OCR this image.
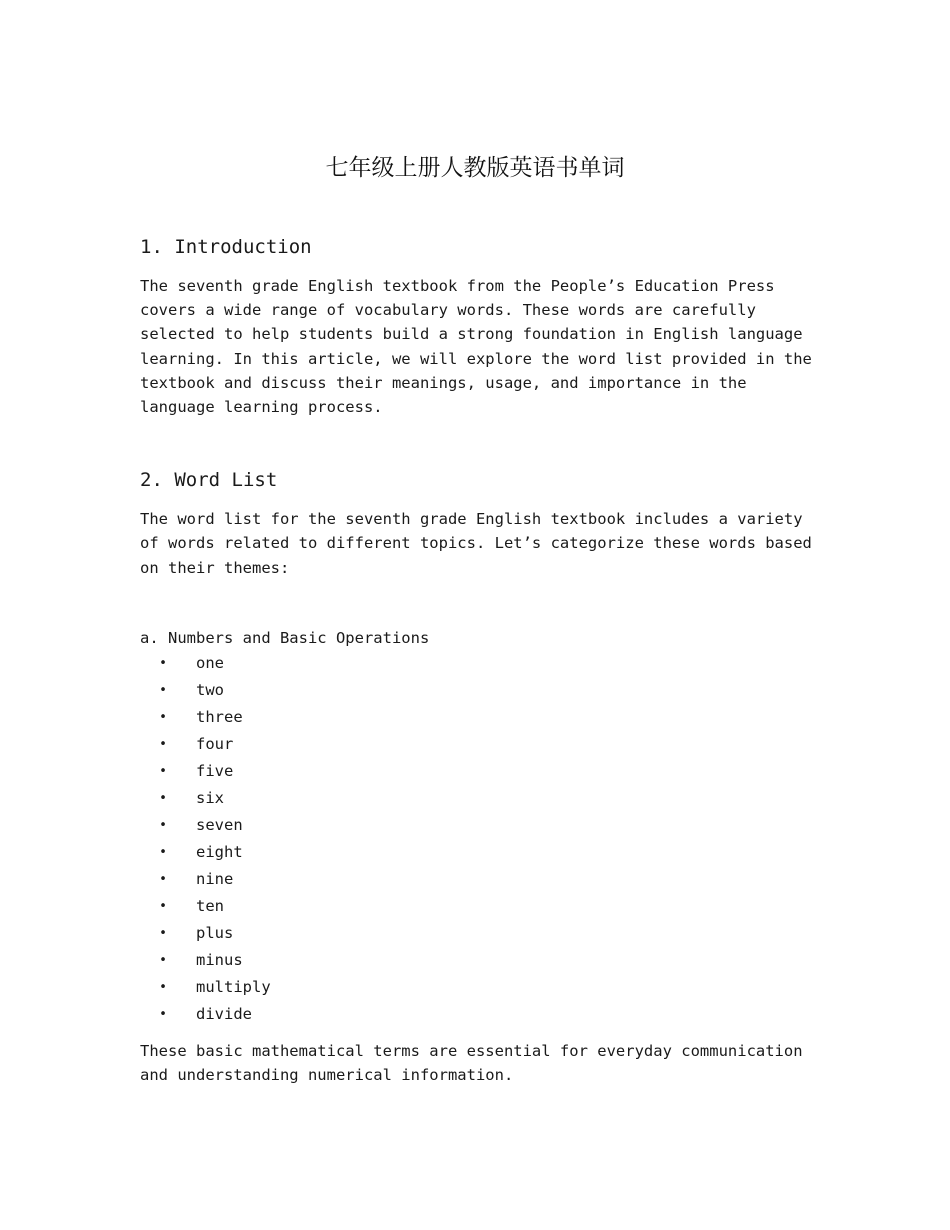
七年级上册人教版英语书单词
1. Introduction

The seventh grade English textbook from the People’s Education Press covers a wide range of vocabulary words. These words are carefully selected to help students build a strong foundation in English language learning. In this article, we will explore the word list provided in the textbook and discuss their meanings, usage, and importance in the language learning process.

2. Word List

The word list for the seventh grade English textbook includes a variety of words related to different topics. Let’s categorize these words based on their themes:

a. Numbers and Basic Operations
• one
• two
• three
• four
• five
• six
• seven
• eight
• nine
• ten
• plus
• minus
• multiply
• divide

These basic mathematical terms are essential for everyday communication and understanding numerical information.
